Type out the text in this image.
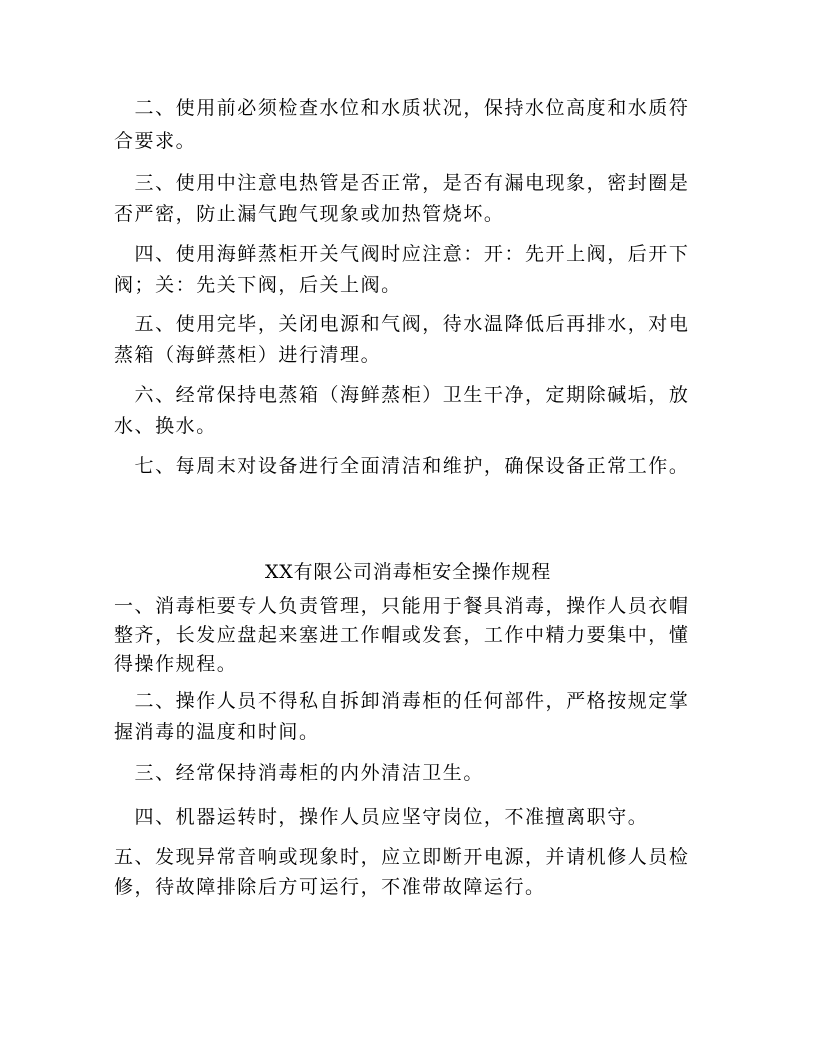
　二、使用前必须检查水位和水质状况，保持水位高度和水质符
合要求。
　三、使用中注意电热管是否正常，是否有漏电现象，密封圈是
否严密，防止漏气跑气现象或加热管烧坏。
　四、使用海鲜蒸柜开关气阀时应注意：开：先开上阀，后开下
阀；关：先关下阀，后关上阀。
　五、使用完毕，关闭电源和气阀，待水温降低后再排水，对电
蒸箱（海鲜蒸柜）进行清理。
　六、经常保持电蒸箱（海鲜蒸柜）卫生干净，定期除碱垢，放
水、换水。
　七、每周末对设备进行全面清洁和维护，确保设备正常工作。
XX有限公司消毒柜安全操作规程
一、消毒柜要专人负责管理，只能用于餐具消毒，操作人员衣帽
整齐，长发应盘起来塞进工作帽或发套，工作中精力要集中，懂
得操作规程。
　二、操作人员不得私自拆卸消毒柜的任何部件，严格按规定掌
握消毒的温度和时间。
　三、经常保持消毒柜的内外清洁卫生。
　四、机器运转时，操作人员应坚守岗位，不准擅离职守。
五、发现异常音响或现象时，应立即断开电源，并请机修人员检
修，待故障排除后方可运行，不准带故障运行。
